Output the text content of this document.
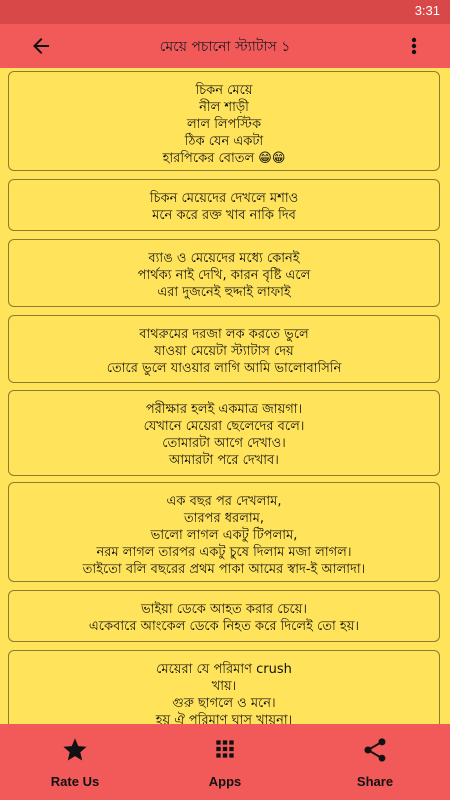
3:31
মেয়ে পচানো স্ট্যাটাস ১
চিকন মেয়ে
নীল শাড়ী
লাল লিপস্টিক
ঠিক যেন একটা
হারপিকের বোতল 😁😁
চিকন মেয়েদের দেখলে মশাও
মনে করে রক্ত খাব নাকি দিব
ব্যাঙ ও মেয়েদের মধ্যে কোনই
পার্থক্য নাই দেখি, কারন বৃষ্টি এলে
এরা দুজনেই হুদ্দাই লাফাই
বাথরুমের দরজা লক করতে ভুলে
যাওয়া মেয়েটা স্ট্যাটাস দেয়
তোরে ভুলে যাওয়ার লাগি আমি ভালোবাসিনি
পরীক্ষার হলই একমাত্র জায়গা।
যেখানে মেয়েরা ছেলেদের বলে।
তোমারটা আগে দেখাও।
আমারটা পরে দেখাব।
এক বছর পর দেখলাম,
তারপর ধরলাম,
ভালো লাগল একটু টিপলাম,
নরম লাগল তারপর একটু চুষে দিলাম মজা লাগল।
তাইতো বলি বছরের প্রথম পাকা আমের স্বাদ-ই আলাদা।
ভাইয়া ডেকে আহত করার চেয়ে।
একেবারে আংকেল ডেকে নিহত করে দিলেই তো হয়।
মেয়েরা যে পরিমাণ crush
খায়।
গুরু ছাগলে ও মনে।
হয় ঐ পরিমাণ ঘাস খায়না।
Rate Us	Apps	Share
